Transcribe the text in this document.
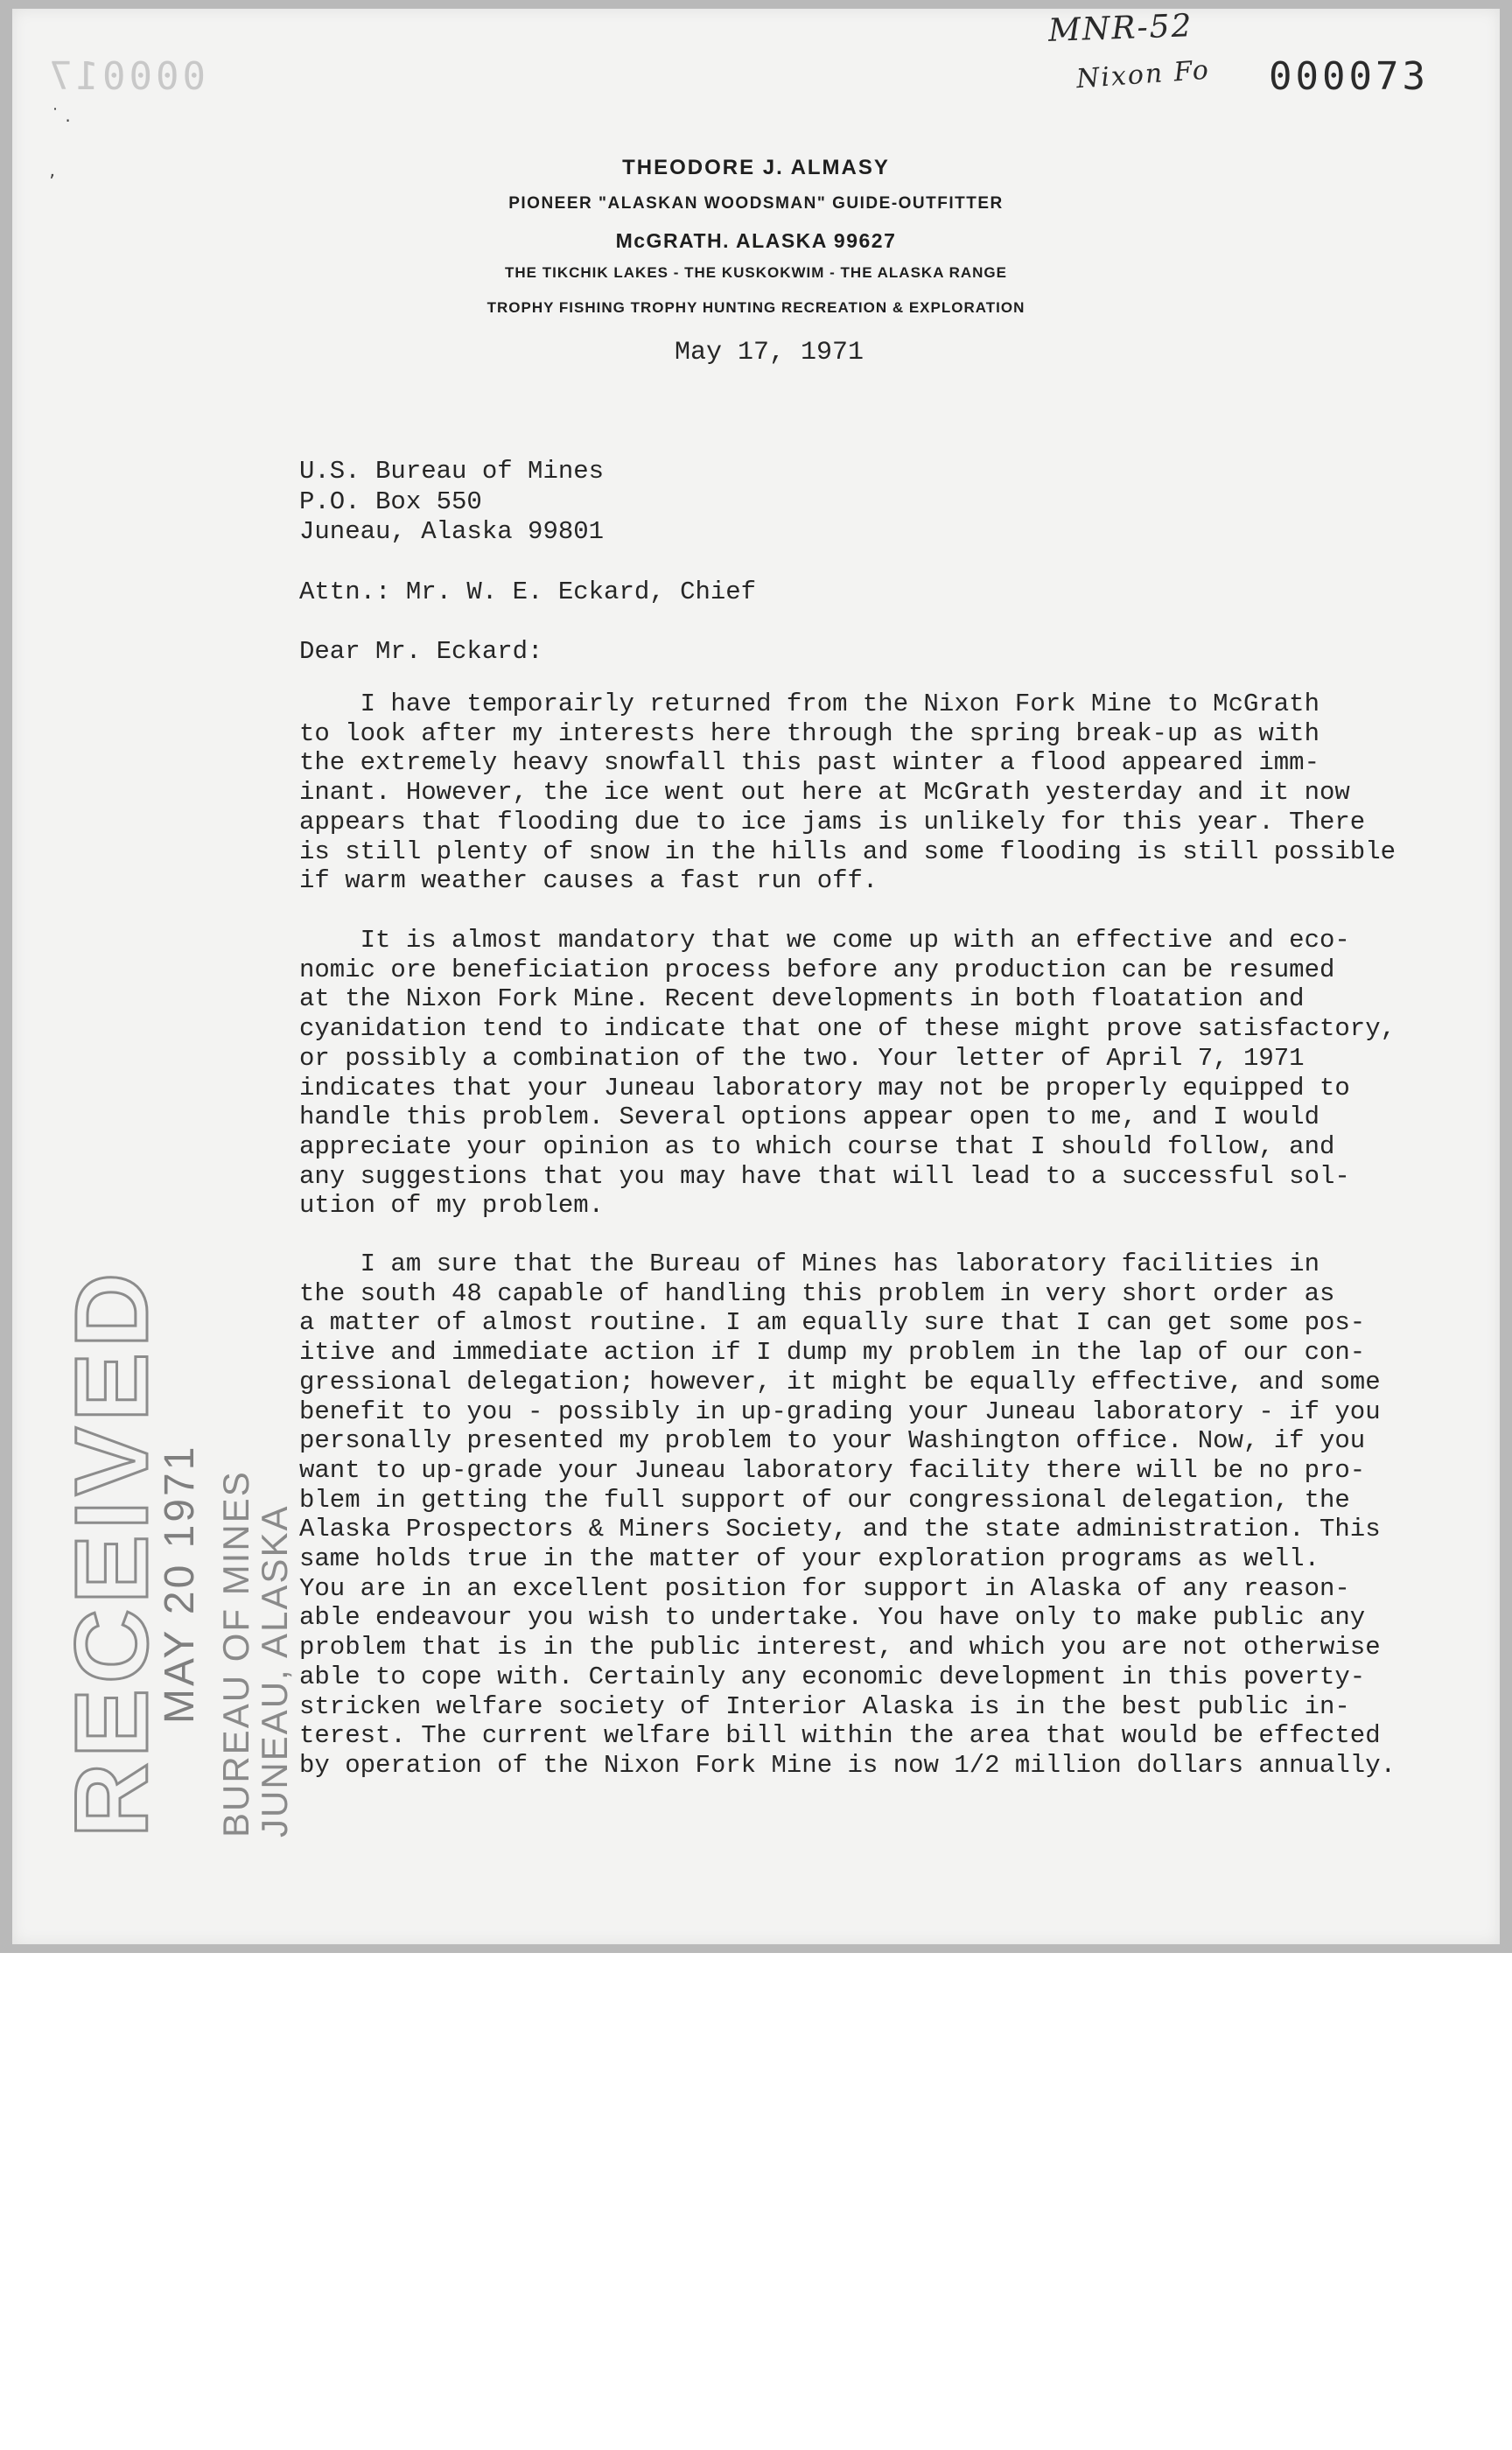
000017
˙ .
ʼ
MNR-52
Nixon Fo 000073
THEODORE J. ALMASY
PIONEER "ALASKAN WOODSMAN" GUIDE-OUTFITTER
McGRATH. ALASKA 99627
THE TIKCHIK LAKES - THE KUSKOKWIM - THE ALASKA RANGE
TROPHY FISHING TROPHY HUNTING RECREATION & EXPLORATION
May 17, 1971
U.S. Bureau of Mines
P.O. Box 550
Juneau, Alaska 99801
Attn.: Mr. W. E. Eckard, Chief
Dear Mr. Eckard:
I have temporairly returned from the Nixon Fork Mine to McGrath
to look after my interests here through the spring break-up as with
the extremely heavy snowfall this past winter a flood appeared imm-
inant. However, the ice went out here at McGrath yesterday and it now
appears that flooding due to ice jams is unlikely for this year. There
is still plenty of snow in the hills and some flooding is still possible
if warm weather causes a fast run off.
It is almost mandatory that we come up with an effective and eco-
nomic ore beneficiation process before any production can be resumed
at the Nixon Fork Mine. Recent developments in both floatation and
cyanidation tend to indicate that one of these might prove satisfactory,
or possibly a combination of the two. Your letter of April 7, 1971
indicates that your Juneau laboratory may not be properly equipped to
handle this problem. Several options appear open to me, and I would
appreciate your opinion as to which course that I should follow, and
any suggestions that you may have that will lead to a successful sol-
ution of my problem.
I am sure that the Bureau of Mines has laboratory facilities in
the south 48 capable of handling this problem in very short order as
a matter of almost routine. I am equally sure that I can get some pos-
itive and immediate action if I dump my problem in the lap of our con-
gressional delegation; however, it might be equally effective, and some
benefit to you - possibly in up-grading your Juneau laboratory - if you
personally presented my problem to your Washington office. Now, if you
want to up-grade your Juneau laboratory facility there will be no pro-
blem in getting the full support of our congressional delegation, the
Alaska Prospectors & Miners Society, and the state administration. This
same holds true in the matter of your exploration programs as well.
You are in an excellent position for support in Alaska of any reason-
able endeavour you wish to undertake. You have only to make public any
problem that is in the public interest, and which you are not otherwise
able to cope with. Certainly any economic development in this poverty-
stricken welfare society of Interior Alaska is in the best public in-
terest. The current welfare bill within the area that would be effected
by operation of the Nixon Fork Mine is now 1/2 million dollars annually.
RECEIVED
MAY 20 1971
